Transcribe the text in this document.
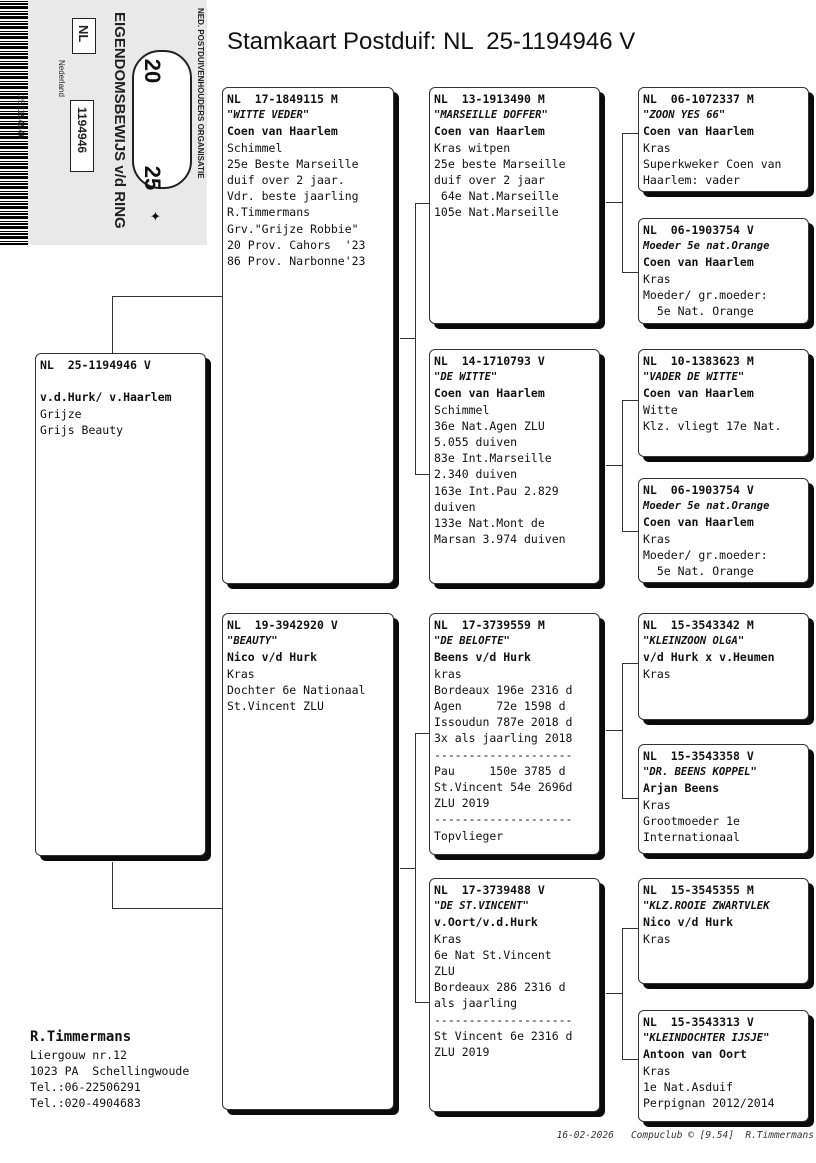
251194946	NED. POSTDUIVENHOUDERS ORGANISATIE
EIGENDOMSBEWIJS v/d RING
NL
1194946
Nederland	20
25
✦
Stamkaart Postduif: NL  25-1194946 V
NL  25-1194946 V

v.d.Hurk/ v.Haarlem
Grijze
Grijs Beauty
NL  17-1849115 M
"WITTE VEDER"
Coen van Haarlem
Schimmel
25e Beste Marseille
duif over 2 jaar.
Vdr. beste jaarling
R.Timmermans
Grv."Grijze Robbie"
20 Prov. Cahors  '23
86 Prov. Narbonne'23
NL  19-3942920 V
"BEAUTY"
Nico v/d Hurk
Kras
Dochter 6e Nationaal
St.Vincent ZLU
NL  13-1913490 M
"MARSEILLE DOFFER"
Coen van Haarlem
Kras witpen
25e beste Marseille
duif over 2 jaar
64e Nat.Marseille
105e Nat.Marseille
NL  14-1710793 V
"DE WITTE"
Coen van Haarlem
Schimmel
36e Nat.Agen ZLU
5.055 duiven
83e Int.Marseille
2.340 duiven
163e Int.Pau 2.829
duiven
133e Nat.Mont de
Marsan 3.974 duiven
NL  17-3739559 M
"DE BELOFTE"
Beens v/d Hurk
kras
Bordeaux 196e 2316 d
Agen     72e 1598 d
Issoudun 787e 2018 d
3x als jaarling 2018
--------------------
Pau     150e 3785 d
St.Vincent 54e 2696d
ZLU 2019
--------------------
Topvlieger
NL  17-3739488 V
"DE ST.VINCENT"
v.Oort/v.d.Hurk
Kras
6e Nat St.Vincent
ZLU
Bordeaux 286 2316 d
als jaarling
--------------------
St Vincent 6e 2316 d
ZLU 2019
NL  06-1072337 M
"ZOON YES 66"
Coen van Haarlem
Kras
Superkweker Coen van
Haarlem: vader
NL  06-1903754 V
Moeder 5e nat.Orange
Coen van Haarlem
Kras
Moeder/ gr.moeder:
5e Nat. Orange
NL  10-1383623 M
"VADER DE WITTE"
Coen van Haarlem
Witte
Klz. vliegt 17e Nat.
NL  06-1903754 V
Moeder 5e nat.Orange
Coen van Haarlem
Kras
Moeder/ gr.moeder:
5e Nat. Orange
NL  15-3543342 M
"KLEINZOON OLGA"
v/d Hurk x v.Heumen
Kras
NL  15-3543358 V
"DR. BEENS KOPPEL"
Arjan Beens
Kras
Grootmoeder 1e
Internationaal
NL  15-3545355 M
"KLZ.ROOIE ZWARTVLEK
Nico v/d Hurk
Kras
NL  15-3543313 V
"KLEINDOCHTER IJSJE"
Antoon van Oort
Kras
1e Nat.Asduif
Perpignan 2012/2014
R.Timmermans
Liergouw nr.12
1023 PA  Schellingwoude
Tel.:06-22506291
Tel.:020-4904683
16-02-2026   Compuclub © [9.54]  R.Timmermans
